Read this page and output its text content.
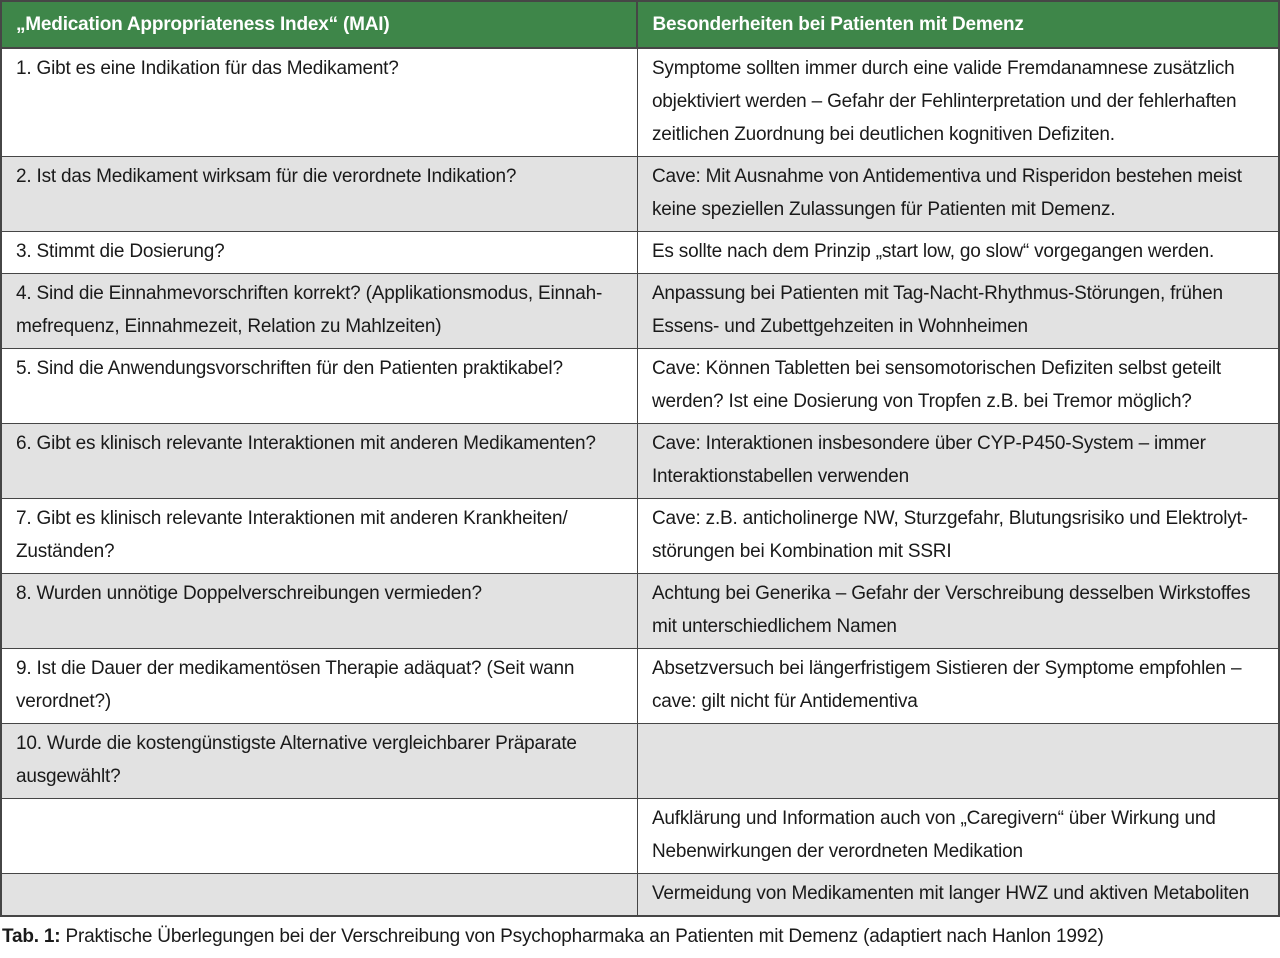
„Medication Appropriateness Index“ (MAI)	Besonderheiten bei Patienten mit Demenz
1. Gibt es eine Indikation für das Medikament?	Symptome sollten immer durch eine valide Fremdanamnese zusätzlich objektiviert werden – Gefahr der Fehlinterpretation und der fehlerhaften zeitlichen Zuordnung bei deutlichen kognitiven Defiziten.
2. Ist das Medikament wirksam für die verordnete Indikation?	Cave: Mit Ausnahme von Antidementiva und Risperidon bestehen meist keine speziellen Zulassungen für Patienten mit Demenz.
3. Stimmt die Dosierung?	Es sollte nach dem Prinzip „start low, go slow“ vorgegangen werden.
4. Sind die Einnahmevorschriften korrekt? (Applikationsmodus, Einnahmefrequenz, Einnahmezeit, Relation zu Mahlzeiten)	Anpassung bei Patienten mit Tag-Nacht-Rhythmus-Störungen, frühen Essens- und Zubettgehzeiten in Wohnheimen
5. Sind die Anwendungsvorschriften für den Patienten praktikabel?	Cave: Können Tabletten bei sensomotorischen Defiziten selbst geteilt werden? Ist eine Dosierung von Tropfen z.B. bei Tremor möglich?
6. Gibt es klinisch relevante Interaktionen mit anderen Medikamenten?	Cave: Interaktionen insbesondere über CYP-P450-System – immer Interaktionstabellen verwenden
7. Gibt es klinisch relevante Interaktionen mit anderen Krankheiten/ Zuständen?	Cave: z.B. anticholinerge NW, Sturzgefahr, Blutungsrisiko und Elektrolytstörungen bei Kombination mit SSRI
8. Wurden unnötige Doppelverschreibungen vermieden?	Achtung bei Generika – Gefahr der Verschreibung desselben Wirkstoffes mit unterschiedlichem Namen
9. Ist die Dauer der medikamentösen Therapie adäquat? (Seit wann verordnet?)	Absetzversuch bei längerfristigem Sistieren der Symptome empfohlen – cave: gilt nicht für Antidementiva
10. Wurde die kostengünstigste Alternative vergleichbarer Präparate ausgewählt?	
	Aufklärung und Information auch von „Caregivern“ über Wirkung und Nebenwirkungen der verordneten Medikation
	Vermeidung von Medikamenten mit langer HWZ und aktiven Metaboliten
Tab. 1: Praktische Überlegungen bei der Verschreibung von Psychopharmaka an Patienten mit Demenz (adaptiert nach Hanlon 1992)
